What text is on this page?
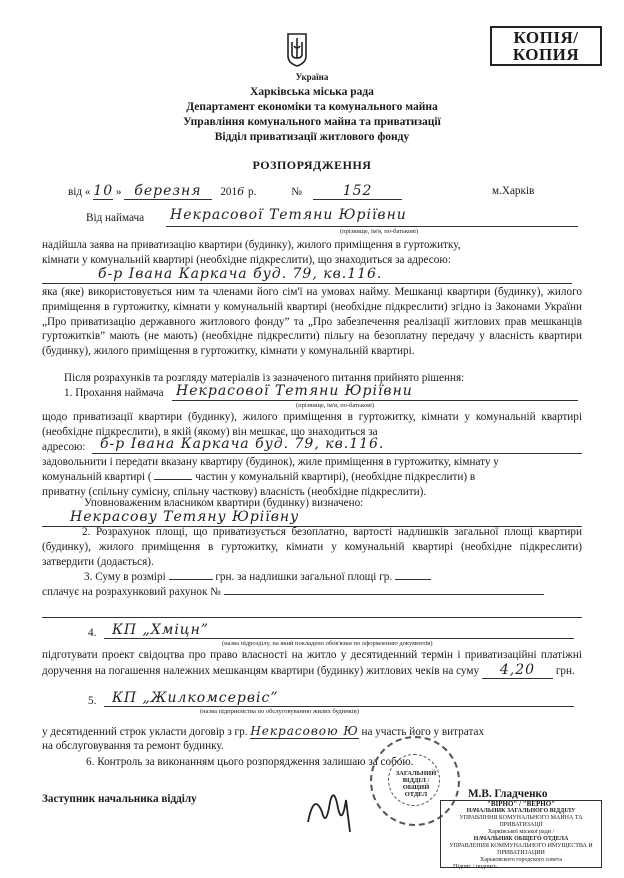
Україна
КОПІЯ/
КОПИЯ
Харківська міська рада
Департамент економіки та комунального майна
Управління комунального майна та приватизації
Відділ приватизації житлового фонду
РОЗПОРЯДЖЕННЯ
від « 10 » березня 2016 р.	№	152	м.Харків
Від наймача Некрасової Тетяни Юріївни
(прізвище, ім'я, по-батькові)
надійшла заява на приватизацію квартири (будинку), жилого приміщення в гуртожитку,
кімнати у комунальній квартирі (необхідне підкреслити), що знаходиться за адресою:
б-р Івана Каркача буд. 79, кв.116.
яка (яке) використовується ним та членами його сім'ї на умовах найму. Мешканці квартири (будинку), жилого приміщення в гуртожитку, кімнати у комунальній квартирі (необхідне підкреслити) згідно із Законами України „Про приватизацію державного житлового фонду” та „Про забезпечення реалізації житлових прав мешканців гуртожитків” мають (не мають) (необхідне підкреслити) пільгу на безоплатну передачу у власність квартири (будинку), жилого приміщення в гуртожитку, кімнати у комунальній квартирі.
Після розрахунків та розгляду матеріалів із зазначеного питання прийнято рішення:
1. Прохання наймача Некрасової Тетяни Юріївни
(прізвище, ім'я, по-батькові)
щодо приватизації квартири (будинку), жилого приміщення в гуртожитку, кімнати у комунальній квартирі (необхідне підкреслити), в якій (якому) він мешкає, що знаходиться за
адресою: б-р Івана Каркача буд. 79, кв.116.
задовольнити і передати вказану квартиру (будинок), жиле приміщення в гуртожитку, кімнату у
комунальній квартирі (	частин у комунальній квартирі), (необхідне підкреслити) в
приватну (спільну сумісну, спільну часткову) власність (необхідне підкреслити).
Уповноваженим власником квартири (будинку) визначено:
Некрасову Тетяну Юріївну
2. Розрахунок площі, що приватизується безоплатно, вартості надлишків загальної площі квартири (будинку), жилого приміщення в гуртожитку, кімнати у комунальній квартирі (необхідне підкреслити) затвердити (додається).
3. Суму в розмірі	грн. за надлишки загальної площі гр.
сплачує на розрахунковий рахунок №
4. КП „Хміцн”
(назва підрозділу, на який покладено обов'язки по оформленню документів)
підготувати проект свідоцтва про право власності на житло у десятиденний термін і приватизаційні платіжні доручення на погашення належних мешканцям квартири (будинку) житлових чеків на суму 4,20 грн.
5. КП „Жилкомсервіс”
(назва підприємства по обслуговуванню жилих будинків)
у десятиденний строк укласти договір з гр. Некрасовою Ю на участь його у витратах
на обслуговування та ремонт будинку.
6. Контроль за виконанням цього розпорядження залишаю за собою.
ЗАГАЛЬНИЙ ВІДДІЛ / ОБЩИЙ ОТДЕЛ
Заступник начальника відділу	М.В. Гладченко
"ВІРНО" / "ВЕРНО"
НАЧАЛЬНИК ЗАГАЛЬНОГО ВІДДІЛУ
УПРАВЛІННЯ КОМУНАЛЬНОГО МАЙНА ТА ПРИВАТИЗАЦІЇ
Харківської міської ради /
НАЧАЛЬНИК ОБЩЕГО ОТДЕЛА
УПРАВЛЕНИЯ КОММУНАЛЬНОГО ИМУЩЕСТВА И ПРИВАТИЗАЦИИ
Харьковского городского совета
Підпис / подпись
